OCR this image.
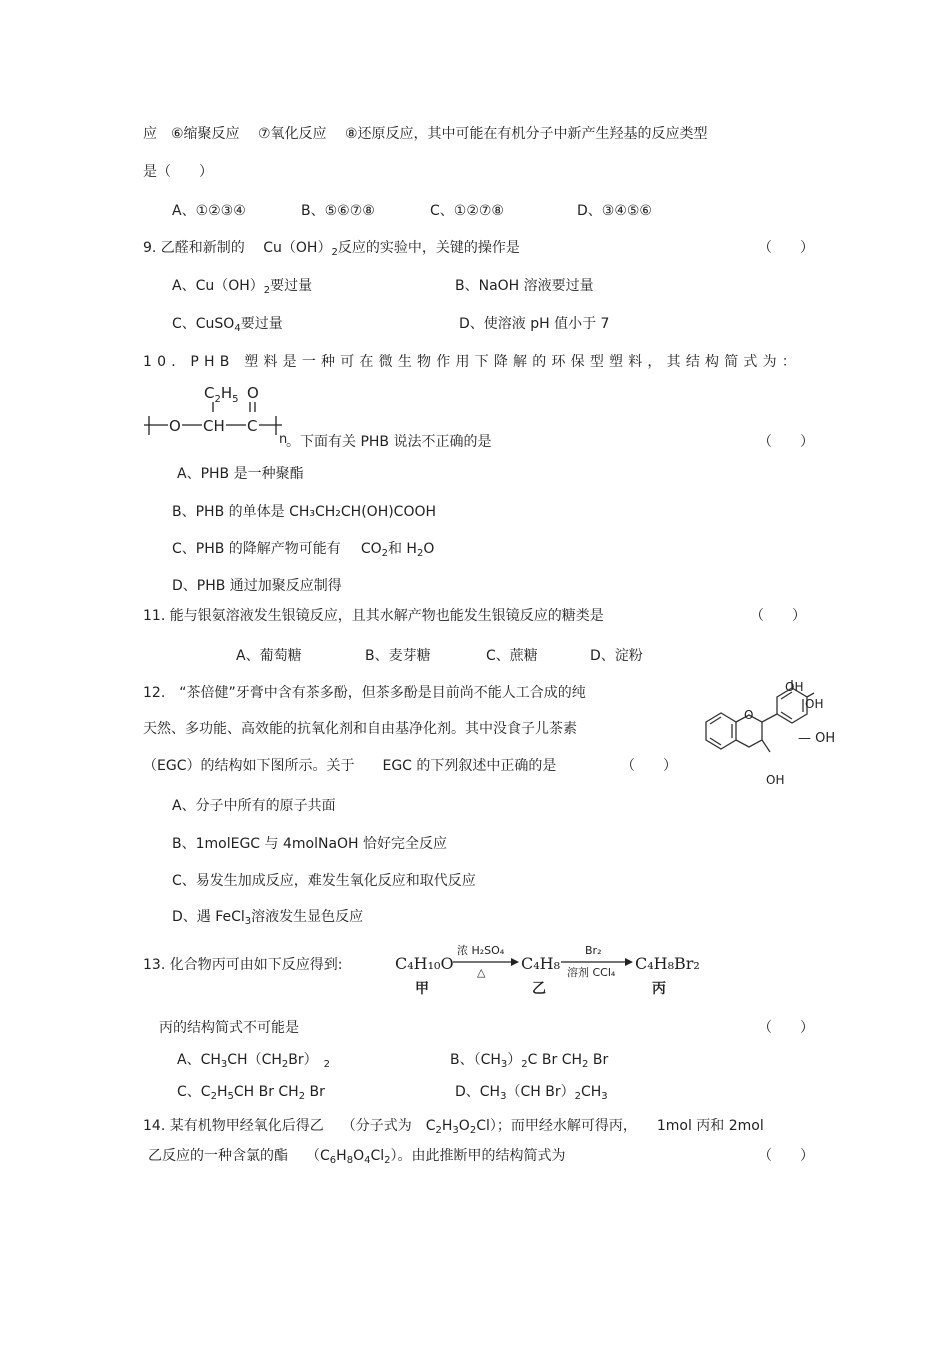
应　⑥缩聚反应　 ⑦氧化反应　 ⑧还原反应，其中可能在有机分子中新产生羟基的反应类型
是（　　）
A、①②③④	B、⑤⑥⑦⑧	C、①②⑦⑧	D、③④⑤⑥
9. 乙醛和新制的 $Cu(OH)_2$反应的实验中，关键的操作是	（　　）
A、$Cu(OH)_2$要过量	B、NaOH 溶液要过量
C、CuSO$_4$要过量	D、使溶液 pH 值小于 7
10．PHB 塑料是一种可在微生物作用下降解的环保型塑料，其结构简式为：
$C_2H_5$ O
O CH C
n
。下面有关 PHB 说法不正确的是	（　　）
A、PHB 是一种聚酯
B、PHB 的单体是 CH₃CH₂CH(OH)COOH
C、PHB 的降解产物可能有 $CO_2$和 $H_2O$
D、PHB 通过加聚反应制得
11. 能与银氨溶液发生银镜反应，且其水解产物也能发生银镜反应的糖类是	（　　）
A、葡萄糖	B、麦芽糖	C、蔗糖	D、淀粉
12.　“茶倍健”牙膏中含有茶多酚，但茶多酚是目前尚不能人工合成的纯
天然、多功能、高效能的抗氧化剂和自由基净化剂。其中没食子儿茶素
（EGC）的结构如下图所示。关于 EGC 的下列叙述中正确的是	（　　）
O
OH
OH
— OH
OH
A、分子中所有的原子共面
B、1molEGC 与 4molNaOH 恰好完全反应
C、易发生加成反应，难发生氧化反应和取代反应
D、遇 FeCl$_3$溶液发生显色反应
13. 化合物丙可由如下反应得到:	C₄H₁₀O
浓 H₂SO₄
△ C₄H₈
Br₂
溶剂 CCl₄ C₄H₈Br₂
甲	乙	丙
丙的结构简式不可能是	（　　）
A、$CH_3CH(CH_2Br)$ $_2$	B、$(CH_3)_2C$ Br $CH_2$ Br
C、$C_2H_5CH$ Br $CH_2$ Br	D、$CH_3(CH$ $Br)_2CH_3$
14. 某有机物甲经氧化后得乙 （分子式为 $C_2H_3O_2Cl$）；而甲经水解可得丙， 1mol 丙和 2mol
乙反应的一种含氯的酯 $(C_6H_8O_4Cl_2)$。由此推断甲的结构简式为	（　　）
